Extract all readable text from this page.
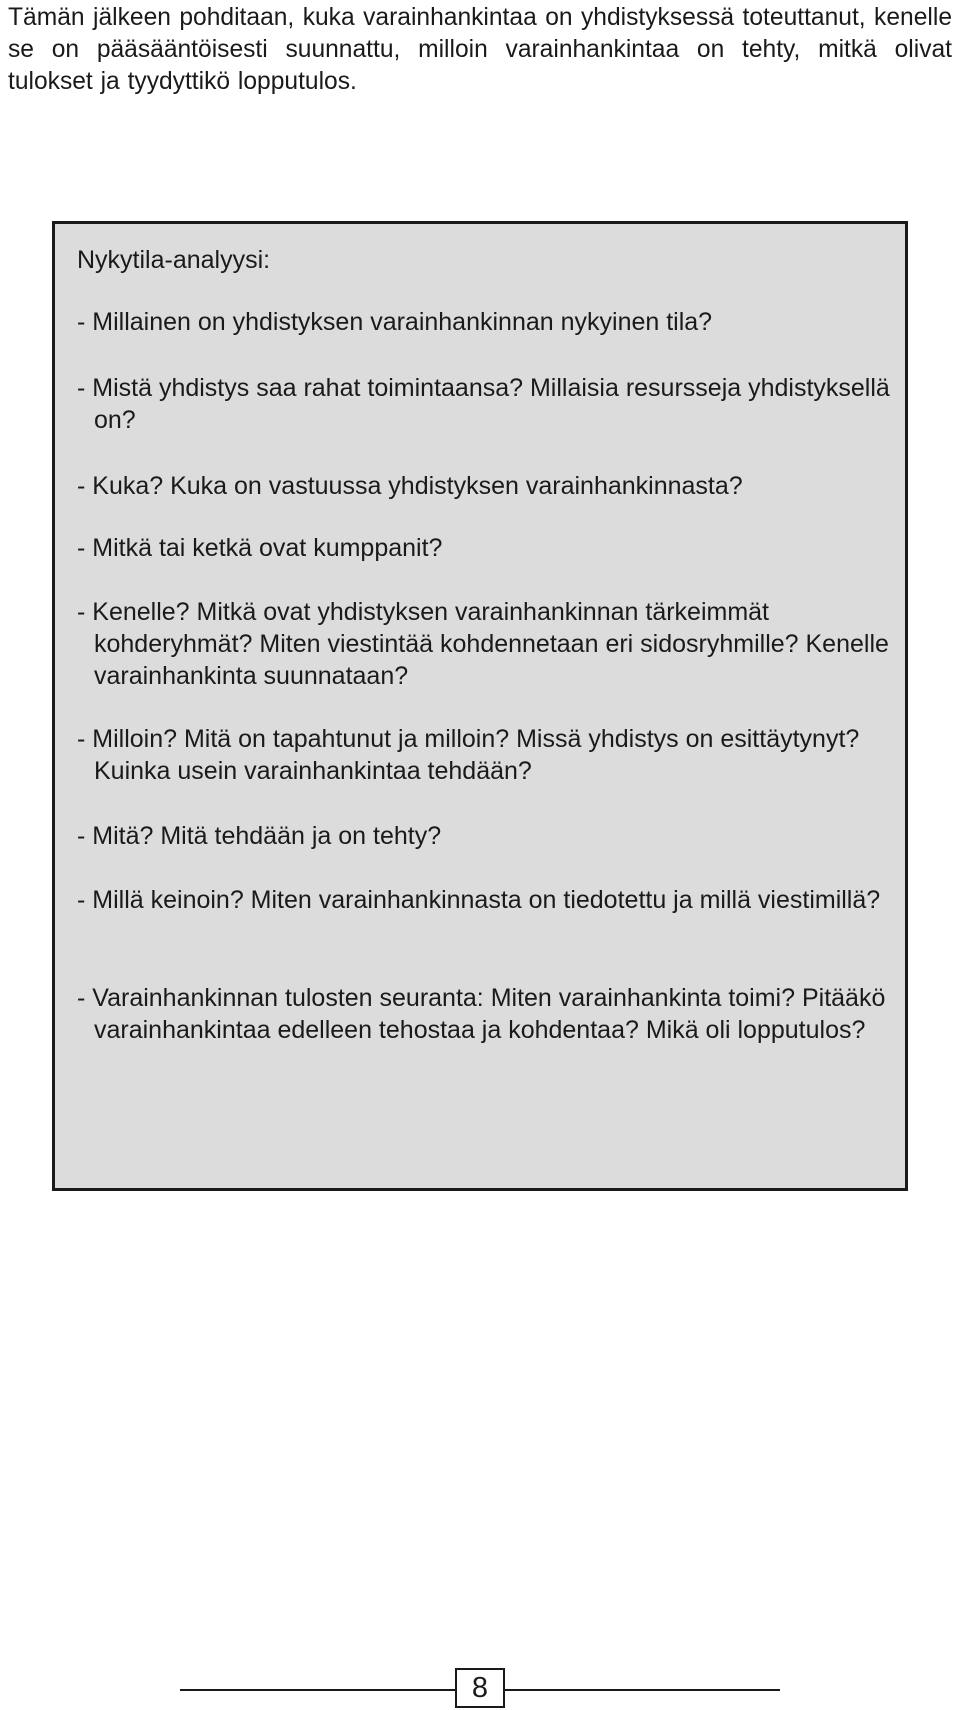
Tämän jälkeen pohditaan, kuka varainhankintaa on yhdistyksessä toteuttanut, kenelle se on pääsääntöisesti suunnattu, milloin varainhankintaa on tehty, mitkä olivat tulokset ja tyydyttikö lopputulos.

Nykytila-analyysi:

- Millainen on yhdistyksen varainhankinnan nykyinen tila?

- Mistä yhdistys saa rahat toimintaansa? Millaisia resursseja yhdistyksellä on?

- Kuka? Kuka on vastuussa yhdistyksen varainhankinnasta?

- Mitkä tai ketkä ovat kumppanit?

- Kenelle? Mitkä ovat yhdistyksen varainhankinnan tärkeimmät kohderyhmät? Miten viestintää kohdennetaan eri sidosryhmille? Kenelle varainhankinta suunnataan?

- Milloin? Mitä on tapahtunut ja milloin? Missä yhdistys on esittäytynyt? Kuinka usein varainhankintaa tehdään?

- Mitä? Mitä tehdään ja on tehty?

- Millä keinoin? Miten varainhankinnasta on tiedotettu ja millä viestimillä?

- Varainhankinnan tulosten seuranta: Miten varainhankinta toimi? Pitääkö varainhankintaa edelleen tehostaa ja kohdentaa? Mikä oli lopputulos?

8
